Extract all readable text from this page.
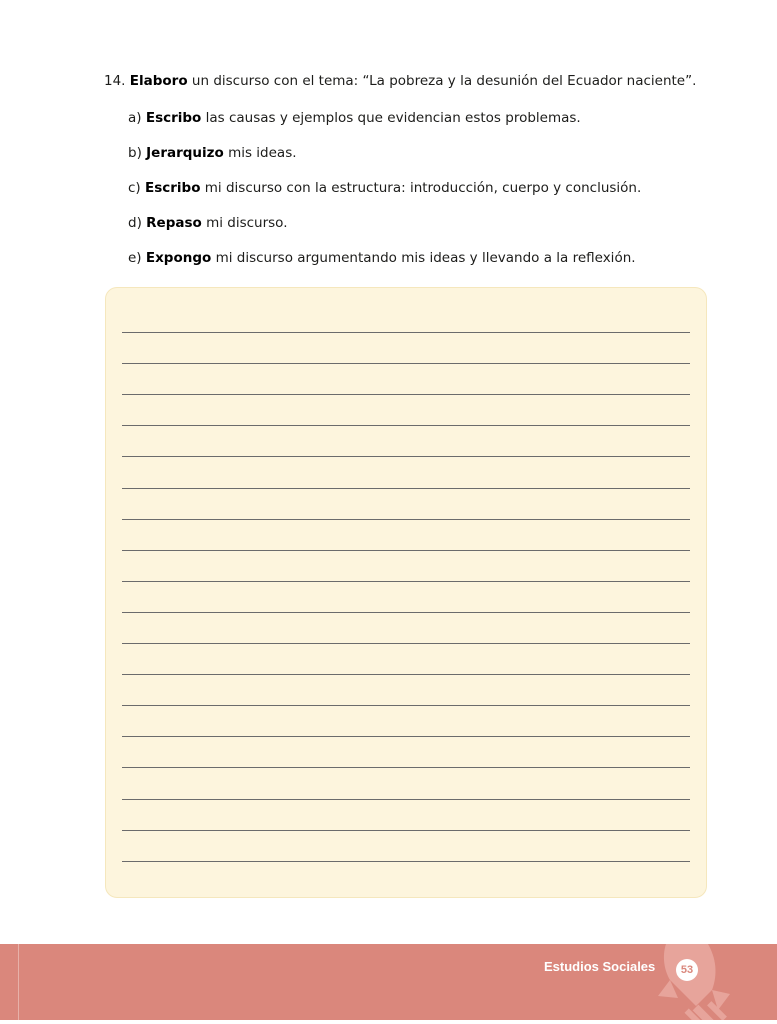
14. Elaboro un discurso con el tema: “La pobreza y la desunión del Ecuador naciente”.
a) Escribo las causas y ejemplos que evidencian estos problemas.
b) Jerarquizo mis ideas.
c) Escribo mi discurso con la estructura: introducción, cuerpo y conclusión.
d) Repaso mi discurso.
e) Expongo mi discurso argumentando mis ideas y llevando a la reflexión.
Estudios Sociales	53
